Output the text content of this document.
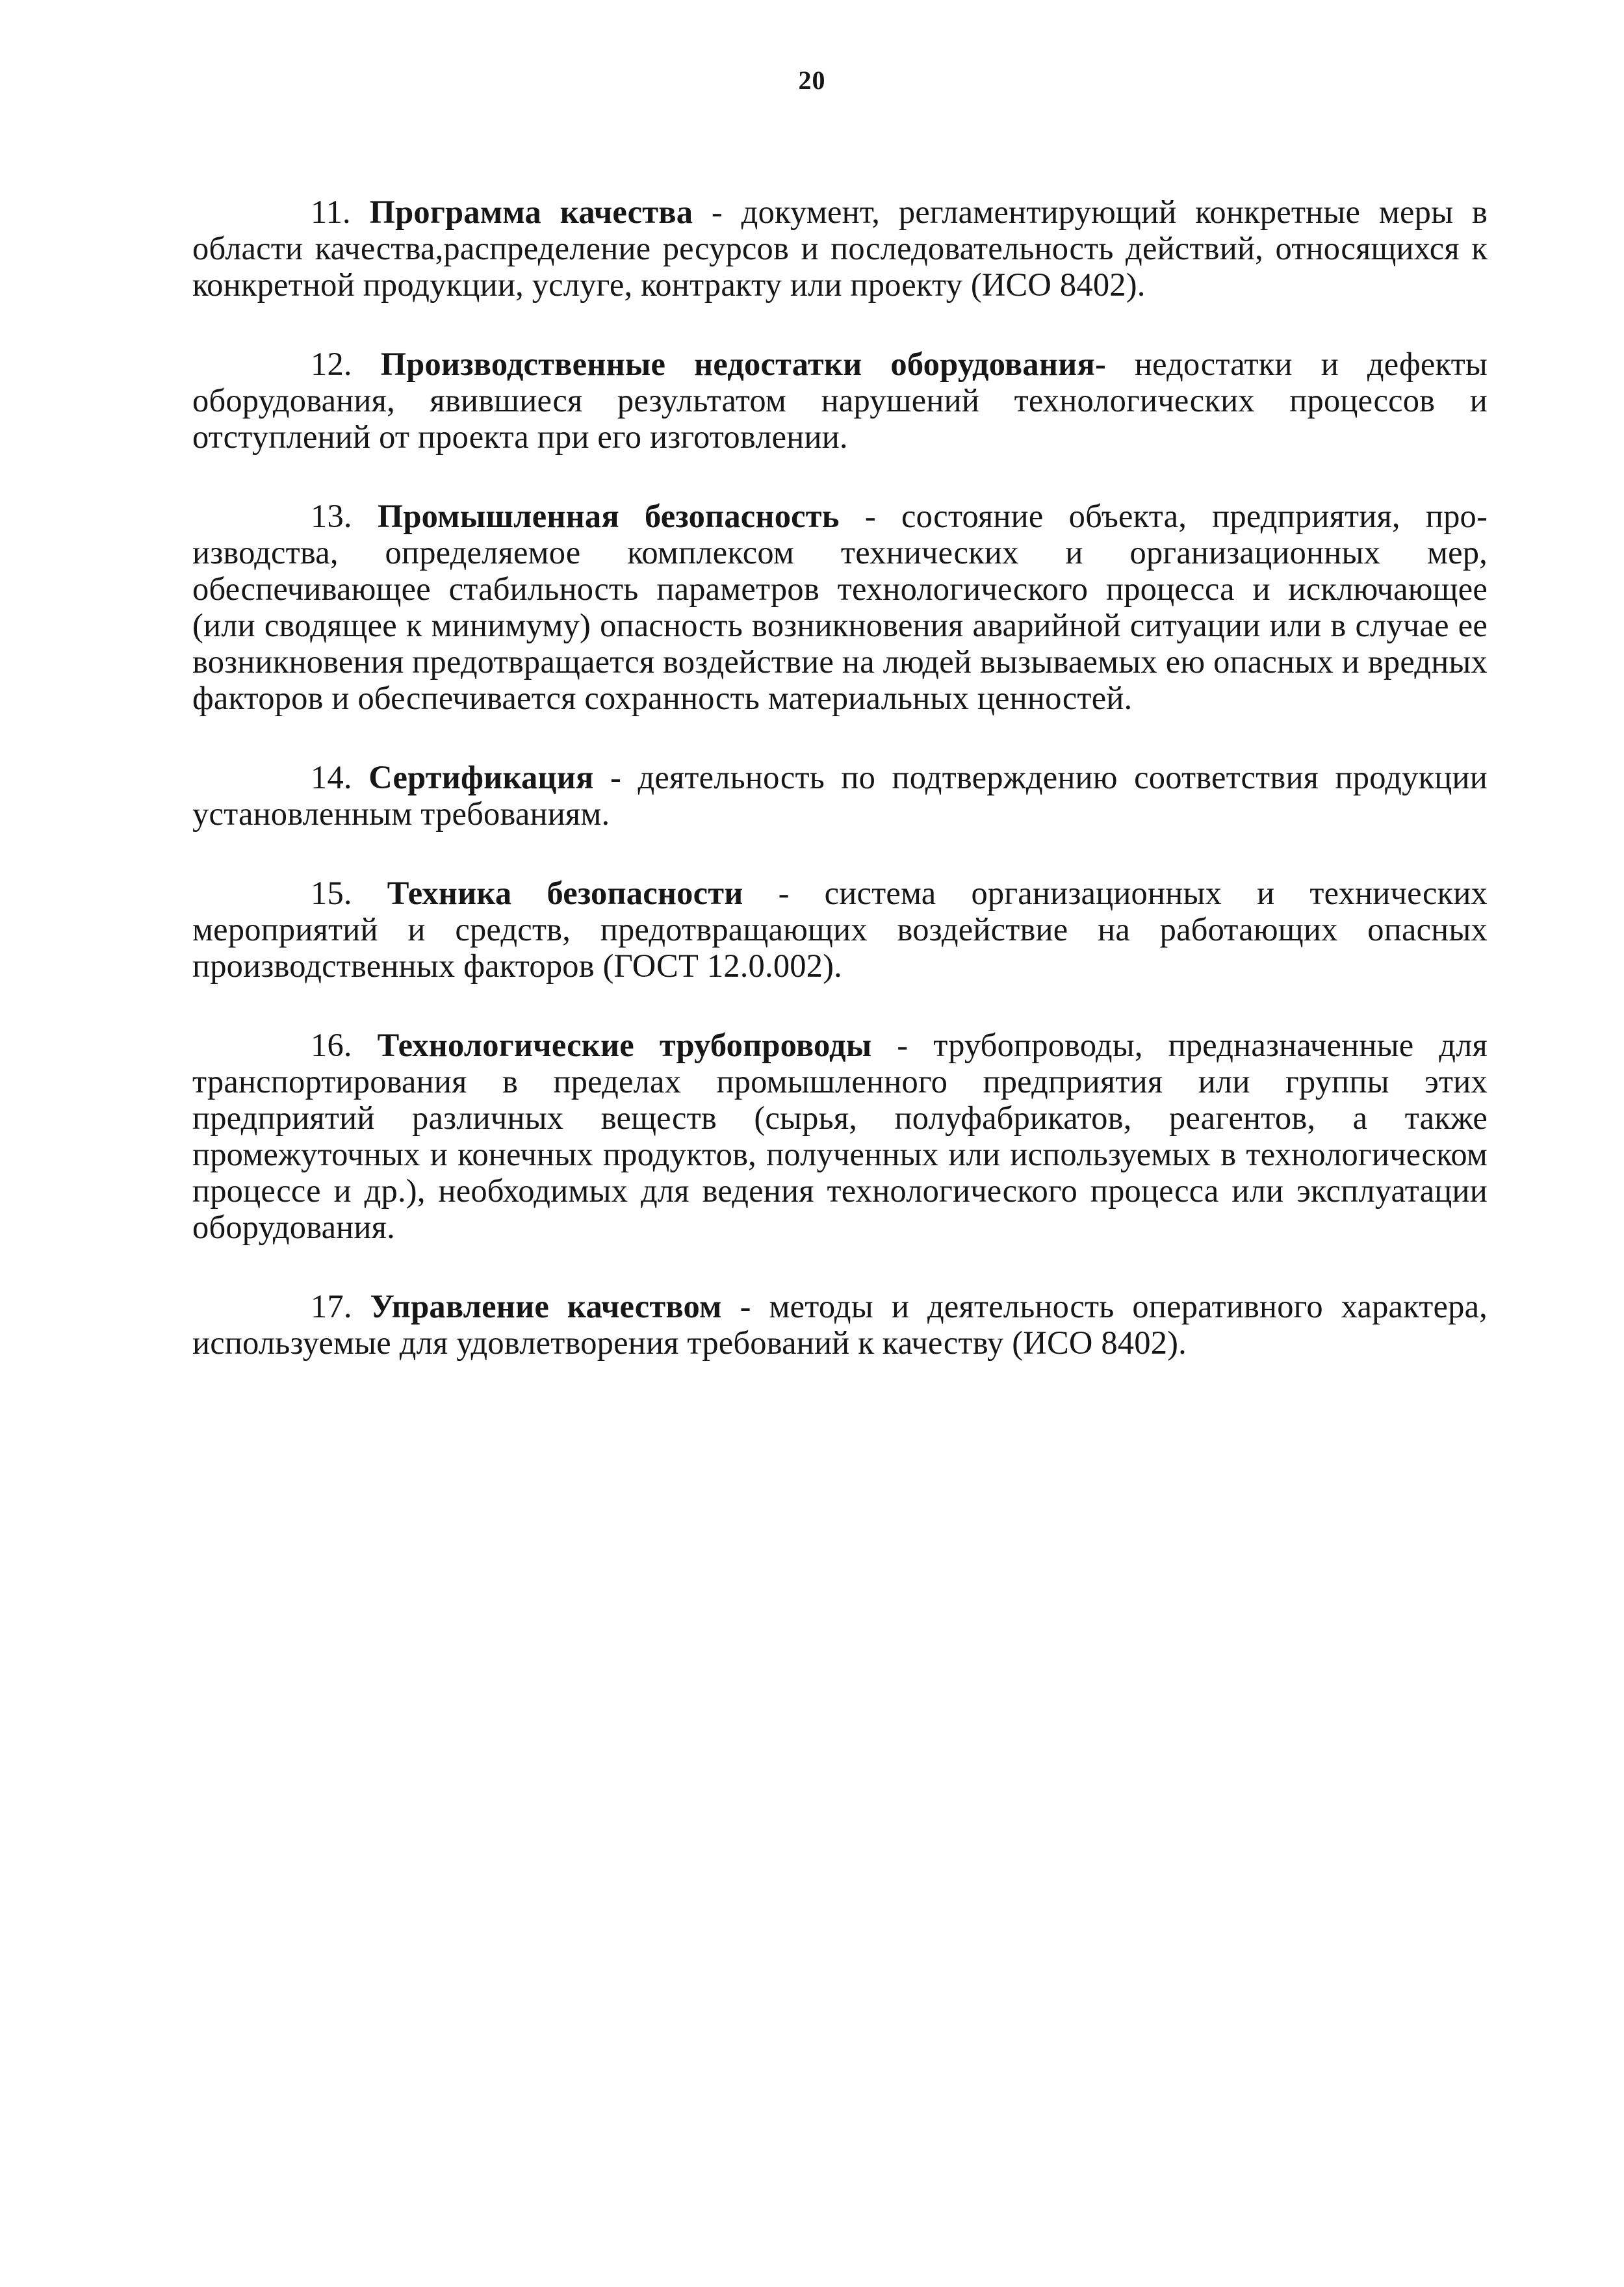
20

11. Программа качества - документ, регламентирующий конкретные меры в области качества,распределение ресурсов и последовательность действий, относящихся к конкретной продукции, услуге, контракту или проекту (ИСО 8402).

12. Производственные недостатки оборудования- недостатки и дефекты оборудования, явившиеся результатом нарушений технологических процессов и отступлений от проекта при его изготовлении.

13. Промышленная безопасность - состояние объекта, предприятия, про-изводства, определяемое комплексом технических и организационных мер, обеспечивающее стабильность параметров технологического процесса и исключающее (или сводящее к минимуму) опасность возникновения аварийной ситуации или в случае ее возникновения предотвращается воздействие на людей вызываемых ею опасных и вредных факторов и обеспечивается сохранность материальных ценностей.

14. Сертификация - деятельность по подтверждению соответствия продукции установленным требованиям.

15. Техника безопасности - система организационных и технических мероприятий и средств, предотвращающих воздействие на работающих опасных производственных факторов (ГОСТ 12.0.002).

16. Технологические трубопроводы - трубопроводы, предназначенные для транспортирования в пределах промышленного предприятия или группы этих предприятий различных веществ (сырья, полуфабрикатов, реагентов, а также промежуточных и конечных продуктов, полученных или используемых в технологическом процессе и др.), необходимых для ведения технологического процесса или эксплуатации оборудования.

17. Управление качеством - методы и деятельность оперативного характера, используемые для удовлетворения требований к качеству (ИСО 8402).
